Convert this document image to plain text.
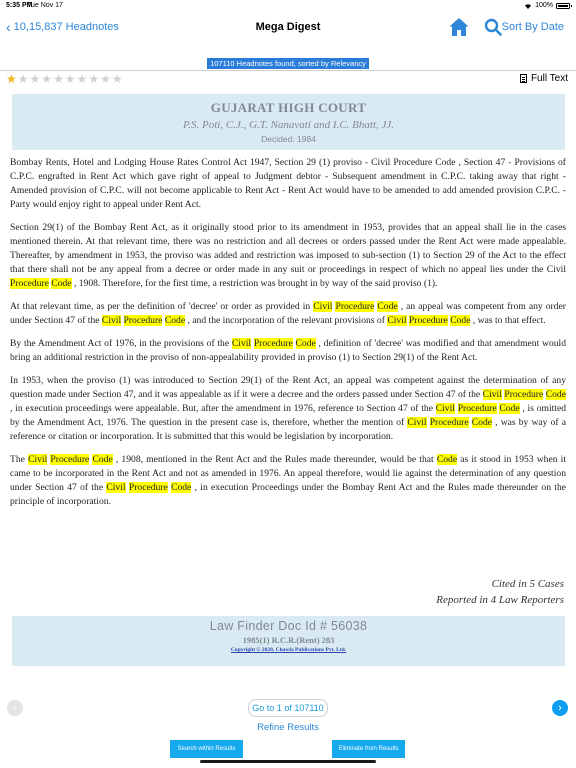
5:35 PM
Tue Nov 17	100%
‹ 10,15,837 Headnotes	Mega Digest	Sort By Date
107110 Headnotes found, sorted by Relevancy
★ ★ ★ ★ ★ ★ ★ ★ ★ ★	Full Text
GUJARAT HIGH COURT
P.S. Poti, C.J., G.T. Nanavati and I.C. Bhatt, JJ.
Decided: 1984

Bombay Rents, Hotel and Lodging House Rates Control Act 1947, Section 29 (1) proviso - Civil Procedure Code , Section 47 - Provisions of C.P.C. engrafted in Rent Act which gave right of appeal to Judgment debtor - Subsequent amendment in C.P.C. taking away that right - Amended provision of C.P.C. will not become applicable to Rent Act - Rent Act would have to be amended to add amended provision C.P.C. - Party would enjoy right to appeal under Rent Act.

Section 29(1) of the Bombay Rent Act, as it originally stood prior to its amendment in 1953, provides that an appeal shall lie in the cases mentioned therein. At that relevant time, there was no restriction and all decrees or orders passed under the Rent Act were made appealable. Thereafter, by amendment in 1953, the proviso was added and restriction was imposed to sub-section (1) to Section 29 of the Act to the effect that there shall not be any appeal from a decree or order made in any suit or proceedings in respect of which no appeal lies under the Civil Procedure Code , 1908. Therefore, for the first time, a restriction was brought in by way of the said proviso (1).

At that relevant time, as per the definition of 'decree' or order as provided in Civil Procedure Code , an appeal was competent from any order under Section 47 of the Civil Procedure Code , and the incorporation of the relevant provisions of Civil Procedure Code , was to that effect.

By the Amendment Act of 1976, in the provisions of the Civil Procedure Code , definition of 'decree' was modified and that amendment would bring an additional restriction in the proviso of non-appealability provided in proviso (1) to Section 29(1) of the Rent Act.

In 1953, when the proviso (1) was introduced to Section 29(1) of the Rent Act, an appeal was competent against the determination of any question made under Section 47, and it was appealable as if it were a decree and the orders passed under Section 47 of the Civil Procedure Code , in execution proceedings were appealable. But, after the amendment in 1976, reference to Section 47 of the Civil Procedure Code , is omitted by the Amendment Act, 1976. The question in the present case is, therefore, whether the mention of Civil Procedure Code , was by way of a reference or citation or incorporation. It is submitted that this would be legislation by incorporation.

The Civil Procedure Code , 1908, mentioned in the Rent Act and the Rules made thereunder, would be that Code as it stood in 1953 when it came to be incorporated in the Rent Act and not as amended in 1976. An appeal therefore, would lie against the determination of any question under Section 47 of the Civil Procedure Code , in execution Proceedings under the Bombay Rent Act and the Rules made thereunder on the principle of incorporation.

Cited in 5 Cases
Reported in 4 Law Reporters
Law Finder Doc Id # 56038
1985(1) R.C.R.(Rent) 283
Copyright © 2020, Chawla Publications Pvt. Ltd.
‹	Go to 1 of 107110	›
Refine Results
Search within Results	Eliminate from Results
